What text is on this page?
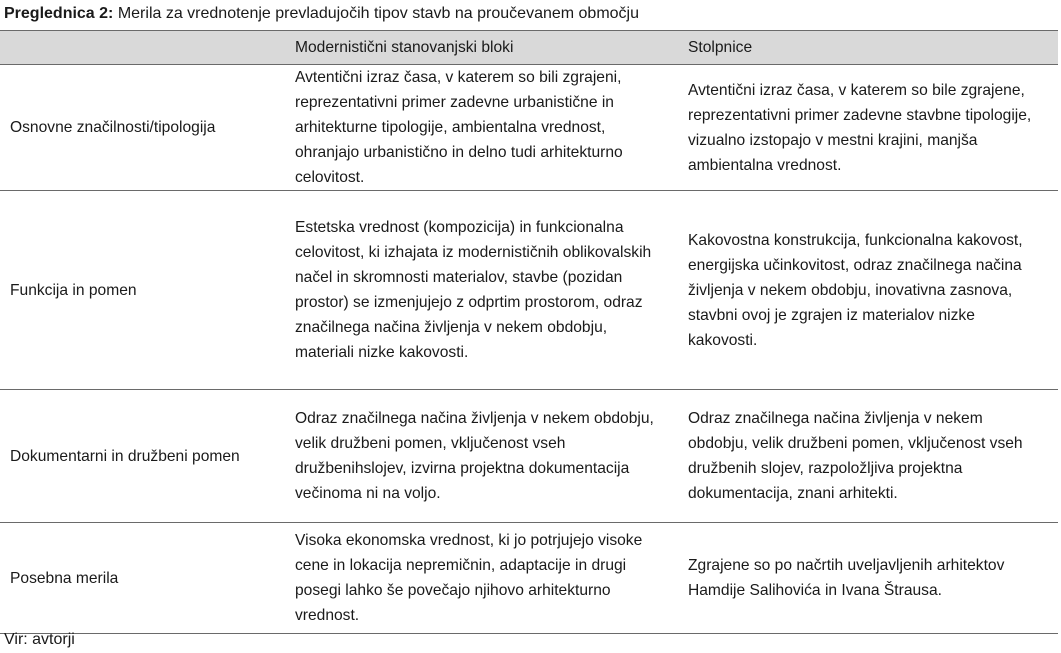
Preglednica 2: Merila za vrednotenje prevladujočih tipov stavb na proučevanem območju
	Modernistični stanovanjski bloki	Stolpnice
Osnovne značilnosti/tipologija	Avtentični izraz časa, v katerem so bili zgrajeni, reprezentativni primer zadevne urbanistične in arhitekturne tipologije, ambientalna vrednost, ohranjajo urbanistično in delno tudi arhitekturno celovitost.	Avtentični izraz časa, v katerem so bile zgrajene, reprezentativni primer zadevne stavbne tipologije, vizualno izstopajo v mestni krajini, manjša ambientalna vrednost.
Funkcija in pomen	Estetska vrednost (kompozicija) in funkcionalna celovitost, ki izhajata iz modernističnih oblikovalskih načel in skromnosti materialov, stavbe (pozidan prostor) se izmenjujejo z odprtim prostorom, odraz značilnega načina življenja v nekem obdobju, materiali nizke kakovosti.	Kakovostna konstrukcija, funkcionalna kakovost, energijska učinkovitost, odraz značilnega načina življenja v nekem obdobju, inovativna zasnova, stavbni ovoj je zgrajen iz materialov nizke kakovosti.
Dokumentarni in družbeni pomen	Odraz značilnega načina življenja v nekem obdobju, velik družbeni pomen, vključenost vseh družbenihslojev, izvirna projektna dokumentacija večinoma ni na voljo.	Odraz značilnega načina življenja v nekem obdobju, velik družbeni pomen, vključenost vseh družbenih slojev, razpoložljiva projektna dokumentacija, znani arhitekti.
Posebna merila	Visoka ekonomska vrednost, ki jo potrjujejo visoke cene in lokacija nepremičnin, adaptacije in drugi posegi lahko še povečajo njihovo arhitekturno vrednost.	Zgrajene so po načrtih uveljavljenih arhitektov Hamdije Salihovića in Ivana Štrausa.
Vir: avtorji
